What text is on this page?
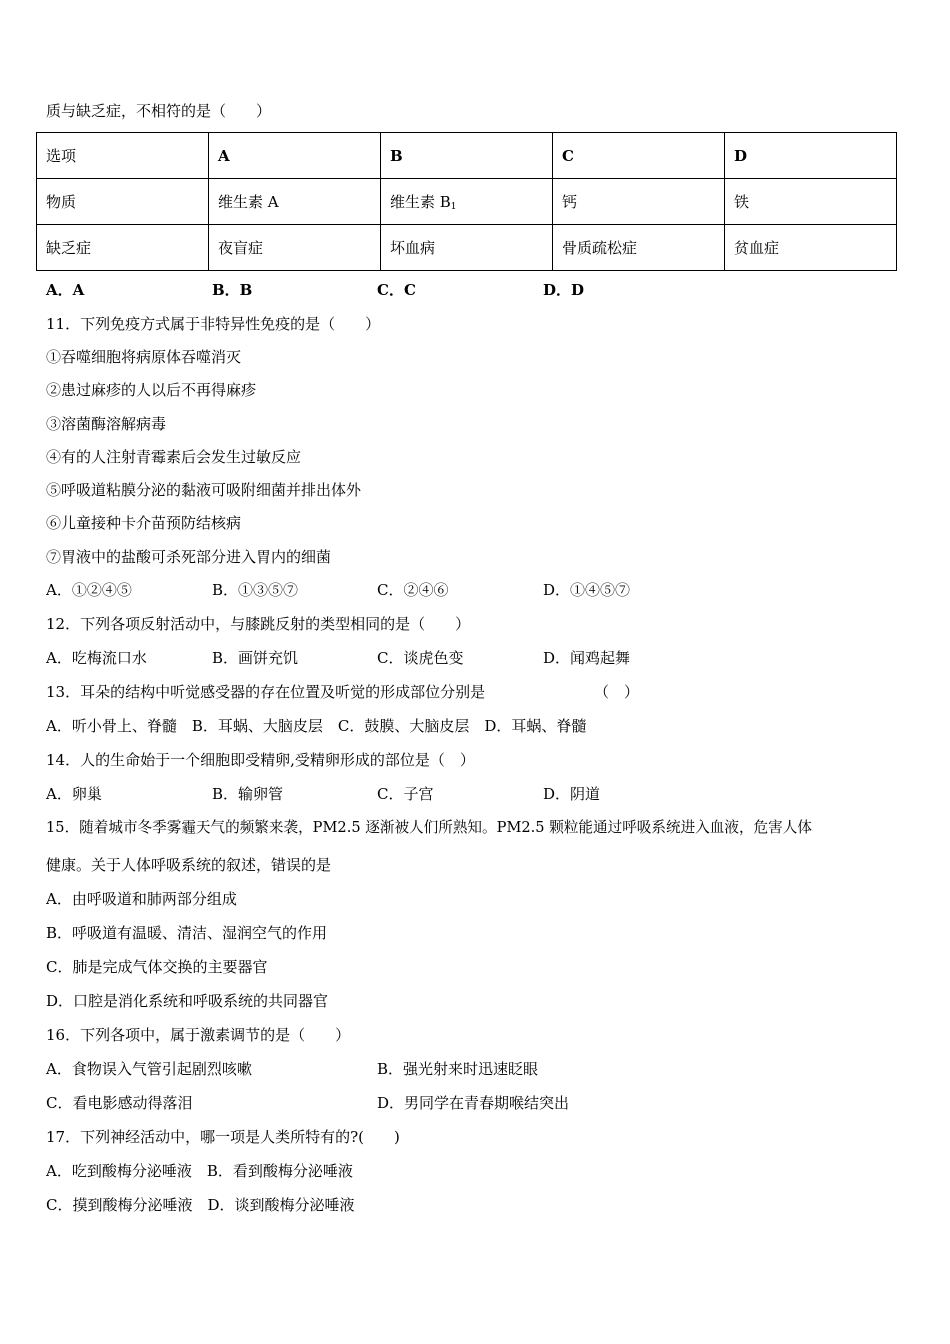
质与缺乏症，不相符的是（　　）
选项	A	B	C	D
物质	维生素 A	维生素 $B_1$	钙	铁
缺乏症	夜盲症	坏血病	骨质疏松症	贫血症
A．A	B．B	C．C	D．D
11．下列免疫方式属于非特异性免疫的是（　　）
①吞噬细胞将病原体吞噬消灭
②患过麻疹的人以后不再得麻疹
③溶菌酶溶解病毒
④有的人注射青霉素后会发生过敏反应
⑤呼吸道粘膜分泌的黏液可吸附细菌并排出体外
⑥儿童接种卡介苗预防结核病
⑦胃液中的盐酸可杀死部分进入胃内的细菌
A．①②④⑤	B．①③⑤⑦	C．②④⑥	D．①④⑤⑦
12．下列各项反射活动中，与膝跳反射的类型相同的是（　　）
A．吃梅流口水	B．画饼充饥	C．谈虎色变	D．闻鸡起舞
13．耳朵的结构中听觉感受器的存在位置及听觉的形成部位分别是	（　）
A．听小骨上、脊髓　B．耳蜗、大脑皮层　C．鼓膜、大脑皮层　D．耳蜗、脊髓
14．人的生命始于一个细胞即受精卵,受精卵形成的部位是（　）
A．卵巢	B．输卵管	C．子宫	D．阴道
15．随着城市冬季雾霾天气的频繁来袭，PM2.5 逐渐被人们所熟知。PM2.5 颗粒能通过呼吸系统进入血液，危害人体
健康。关于人体呼吸系统的叙述，错误的是
A．由呼吸道和肺两部分组成
B．呼吸道有温暖、清洁、湿润空气的作用
C．肺是完成气体交换的主要器官
D．口腔是消化系统和呼吸系统的共同器官
16．下列各项中，属于激素调节的是（　　）
A．食物误入气管引起剧烈咳嗽	B．强光射来时迅速眨眼
C．看电影感动得落泪	D．男同学在青春期喉结突出
17．下列神经活动中，哪一项是人类所特有的?(　　)
A．吃到酸梅分泌唾液　B．看到酸梅分泌唾液
C．摸到酸梅分泌唾液　D．谈到酸梅分泌唾液
